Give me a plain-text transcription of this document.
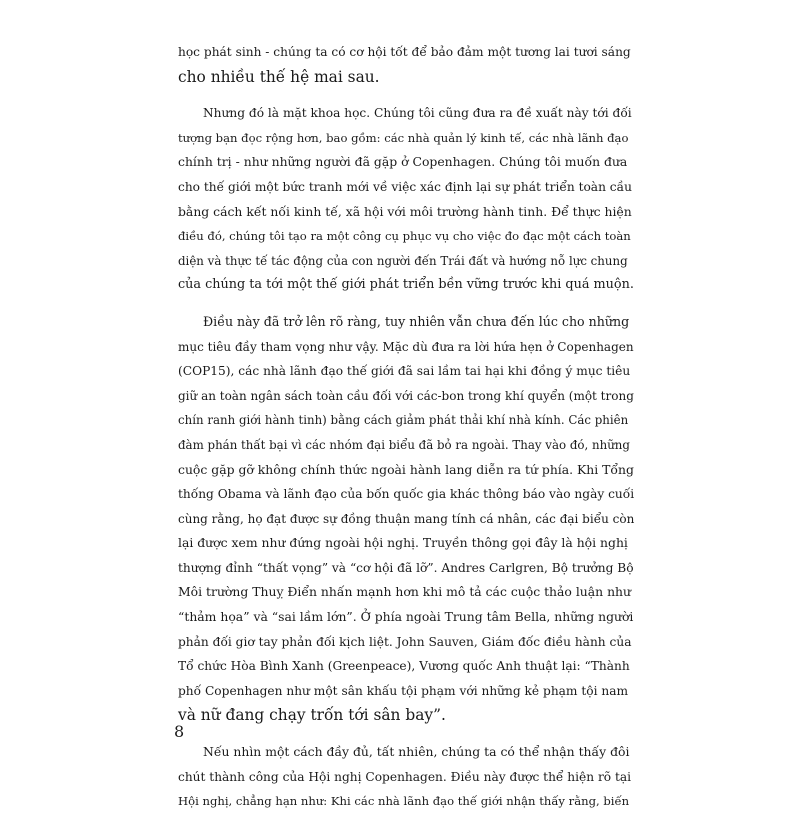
học phát sinh - chúng ta có cơ hội tốt để bảo đảm một tương lai tươi sáng
cho nhiều thế hệ mai sau.

Nhưng đó là mặt khoa học. Chúng tôi cũng đưa ra đề xuất này tới đối
tượng bạn đọc rộng hơn, bao gồm: các nhà quản lý kinh tế, các nhà lãnh đạo
chính trị - như những người đã gặp ở Copenhagen. Chúng tôi muốn đưa
cho thế giới một bức tranh mới về việc xác định lại sự phát triển toàn cầu
bằng cách kết nối kinh tế, xã hội với môi trường hành tinh. Để thực hiện
điều đó, chúng tôi tạo ra một công cụ phục vụ cho việc đo đạc một cách toàn
diện và thực tế tác động của con người đến Trái đất và hướng nỗ lực chung
của chúng ta tới một thế giới phát triển bền vững trước khi quá muộn.

Điều này đã trở lên rõ ràng, tuy nhiên vẫn chưa đến lúc cho những
mục tiêu đầy tham vọng như vậy. Mặc dù đưa ra lời hứa hẹn ở Copenhagen
(COP15), các nhà lãnh đạo thế giới đã sai lầm tai hại khi đồng ý mục tiêu
giữ an toàn ngân sách toàn cầu đối với các-bon trong khí quyển (một trong
chín ranh giới hành tinh) bằng cách giảm phát thải khí nhà kính. Các phiên
đàm phán thất bại vì các nhóm đại biểu đã bỏ ra ngoài. Thay vào đó, những
cuộc gặp gỡ không chính thức ngoài hành lang diễn ra tứ phía. Khi Tổng
thống Obama và lãnh đạo của bốn quốc gia khác thông báo vào ngày cuối
cùng rằng, họ đạt được sự đồng thuận mang tính cá nhân, các đại biểu còn
lại được xem như đứng ngoài hội nghị. Truyền thông gọi đây là hội nghị
thượng đỉnh “thất vọng” và “cơ hội đã lỡ”. Andres Carlgren, Bộ trưởng Bộ
Môi trường Thuỵ Điển nhấn mạnh hơn khi mô tả các cuộc thảo luận như
“thảm họa” và “sai lầm lớn”. Ở phía ngoài Trung tâm Bella, những người
phản đối giơ tay phản đối kịch liệt. John Sauven, Giám đốc điều hành của
Tổ chức Hòa Bình Xanh (Greenpeace), Vương quốc Anh thuật lại: “Thành
phố Copenhagen như một sân khấu tội phạm với những kẻ phạm tội nam
và nữ đang chạy trốn tới sân bay”.

Nếu nhìn một cách đầy đủ, tất nhiên, chúng ta có thể nhận thấy đôi
chút thành công của Hội nghị Copenhagen. Điều này được thể hiện rõ tại
Hội nghị, chẳng hạn như: Khi các nhà lãnh đạo thế giới nhận thấy rằng, biến

8
